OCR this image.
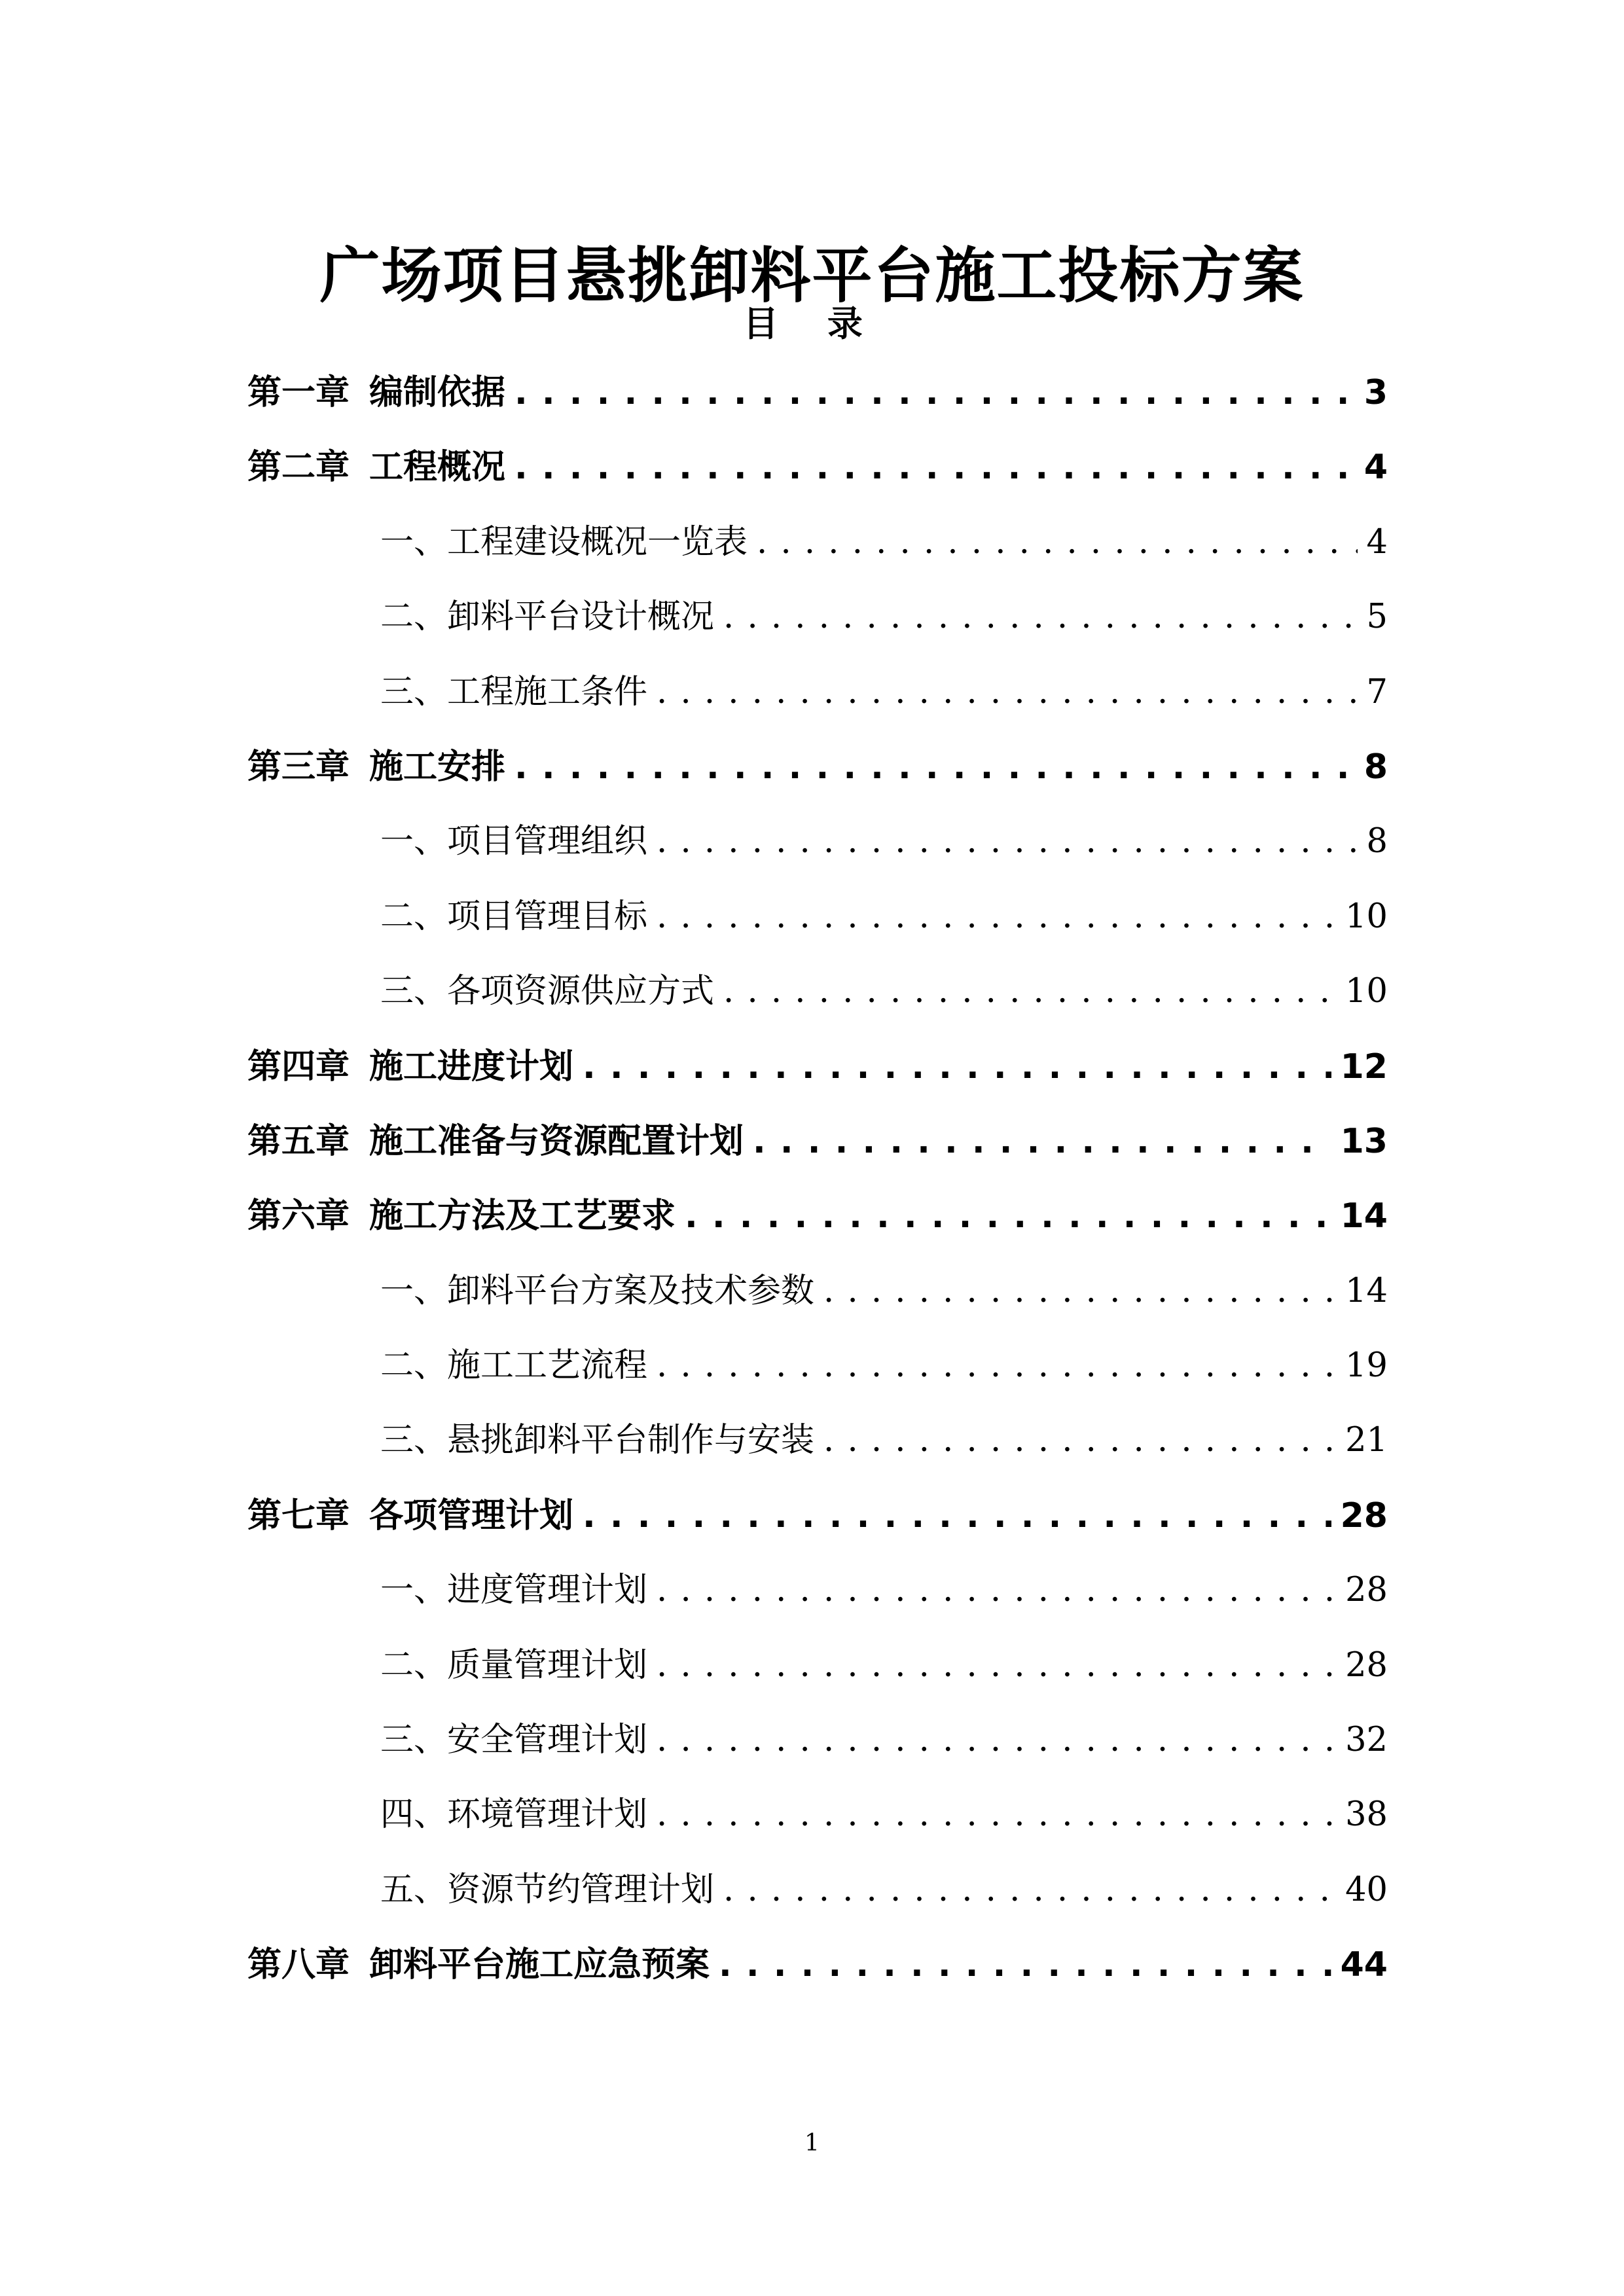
广场项目悬挑卸料平台施工投标方案
目 录
第一章 编制依据 . . .	3
第二章 工程概况 . . .	4
一、工程建设概况一览表 . . .	4
二、卸料平台设计概况 . . .	5
三、工程施工条件 . . .	7
第三章 施工安排 . . .	8
一、项目管理组织 . . .	8
二、项目管理目标 . . .	10
三、各项资源供应方式 . . .	10
第四章 施工进度计划 . . .	12
第五章 施工准备与资源配置计划 . . .	13
第六章 施工方法及工艺要求 . . .	14
一、卸料平台方案及技术参数 . . .	14
二、施工工艺流程 . . .	19
三、悬挑卸料平台制作与安装 . . .	21
第七章 各项管理计划 . . .	28
一、进度管理计划 . . .	28
二、质量管理计划 . . .	28
三、安全管理计划 . . .	32
四、环境管理计划 . . .	38
五、资源节约管理计划 . . .	40
第八章 卸料平台施工应急预案 . . .	44
1
